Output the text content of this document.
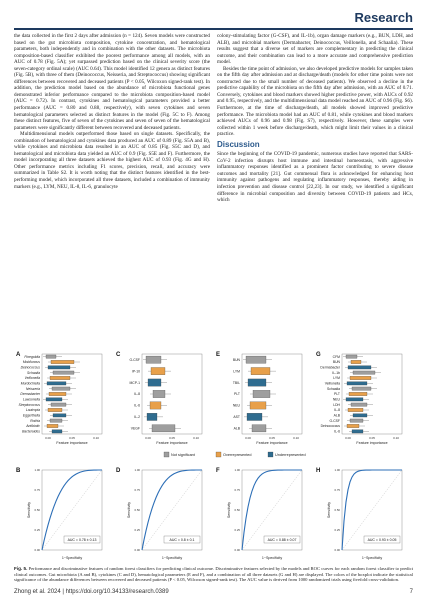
Research

the data collected in the first 2 days after admission (n = 124). Seven models were constructed based on the gut microbiota composition, cytokine concentration, and hematological parameters, both independently and in combination with the other datasets. The microbiota composition-based classifier exhibited the poorest performance among all models, with an AUC of 0.78 (Fig. 5A); yet surpassed prediction based on the clinical severity score (the seven-category ordinal scale) (AUC 0.64). This model identified 12 genera as distinct features (Fig. 5B), with three of them (Deinococcus, Neisseria, and Streptococcus) showing significant differences between recovered and deceased patients (P < 0.05, Wilcoxon signed-rank test). In addition, the prediction model based on the abundance of microbiota functional genes demonstrated inferior performance compared to the microbiota composition-based model (AUC = 0.72). In contrast, cytokines and hematological parameters provided a better performance (AUC = 0.80 and 0.88, respectively), with seven cytokines and seven hematological parameters selected as distinct features in the model (Fig. 5C to F). Among these distinct features, five of seven of the cytokines and seven of seven of the hematological parameters were significantly different between recovered and deceased patients.

Multidimensional models outperformed those based on single datasets. Specifically, the combination of hematological and cytokines data produced an AUC of 0.89 (Fig. S5A and B), while cytokines and microbiota data resulted in an AUC of 0.85 (Fig. S5C and D), and hematological and microbiota data yielded an AUC of 0.9 (Fig. S5E and F). Furthermore, the model incorporating all three datasets achieved the highest AUC of 0.93 (Fig. 4G and H). Other performance metrics including F1 scores, precision, recall, and accuracy were summarized in Table S2. It is worth noting that the distinct features identified in the best-performing model, which incorporated all three datasets, included a combination of immunity markers (e.g., LYM, NEU, IL-8, IL-6, granulocyte

colony-stimulating factor (G-CSF), and IL-1b), organ damage markers (e.g., BUN, LDH, and ALB), and microbial markers (Dermabacter, Deinococcus, Veillonella, and Schaalia). These results suggest that a diverse set of markers are complementary in predicting the clinical outcome, and their combination can lead to a more accurate and comprehensive prediction model.

Besides the time point of admission, we also developed predictive models for samples taken on the fifth day after admission and at discharge/death (models for other time points were not constructed due to the small number of deceased patients). We observed a decline in the predictive capability of the microbiota on the fifth day after admission, with an AUC of 0.71. Conversely, cytokines and blood markers showed higher predictive power, with AUCs of 0.92 and 0.95, respectively, and the multidimensional data model reached an AUC of 0.96 (Fig. S6). Furthermore, at the time of discharge/death, all models showed improved predictive performance. The microbiota model had an AUC of 0.81, while cytokines and blood markers achieved AUCs of 0.96 and 0.98 (Fig. S7), respectively. However, these samples were collected within 1 week before discharge/death, which might limit their values in a clinical practice.

Discussion

Since the beginning of the COVID-19 pandemic, numerous studies have reported that SARS-CoV-2 infection disrupts host immune and intestinal homeostasis, with aggressive inflammatory responses identified as a prominent factor contributing to severe disease outcomes and mortality [21]. Gut commensal flora is acknowledged for enhancing host immunity against pathogens and regulating inflammatory responses, thereby aiding in infection prevention and disease control [22,23]. In our study, we identified a significant difference in microbial composition and diversity between COVID-19 patients and HCs, which

A Finegoldia
Mobiluncus
Deinococcus
Schaalia
Veillonella
Murdochiella
Neisseria
Dermabacter
Lawsonella
Streptococcus
Lautropia
Eggerthella
Rothia
Antibiotic
Bacteroides
Feature importance
0.00	0.05	0.10
B
AUC = 0.78 ± 0.13
1−Specificity
Sensitivity
0.00
0.25
0.50
0.75
1.00
C
G-CSF
IP-10
MCP-1
IL-8
IL-6
IL-2
VEGF
Feature importance
0.00	0.05	0.10
D
AUC = 0.8 ± 0.1
1−Specificity
Sensitivity
0.00
0.25
0.50
0.75
1.00
E
BUN
LYM
TBIL
PLT
NEU
AST
ALB
Feature importance
0.00	0.05	0.10
F
AUC = 0.88 ± 0.07
1−Specificity
Sensitivity
0.00
0.25
0.50
0.75
1.00
G	CFM
BUN
Dermabacter
IL-1b
LYM
Veillonella
Schaalia
PLT
NEU
LDH
IL-8
ALB
G-CSF
Deinococcus
IL-6
Feature importance
0.00	0.05	0.10
H
AUC = 0.93 ± 0.05
1−Specificity
Sensitivity
0.00
0.25
0.50
0.75
1.00
Not significant	Overrepresented	Underrepresented
Fig. 5. Performance and discriminative features of random forest classifiers for predicting clinical outcome. Discriminative features selected by the models and ROC curves for each random forest classifier to predict clinical outcomes. Gut microbiota (A and B), cytokines (C and D), hematological parameters (E and F), and a combination of all three datasets (G and H) are displayed. The colors of the boxplot indicate the statistical significance of the abundance differences between recovered and deceased patients (P < 0.05, Wilcoxon signed-rank test). The AUC value is derived from 1000 randomized trials using fivefold cross-validation.
Zhong et al. 2024 | https://doi.org/10.34133/research.0389	7
